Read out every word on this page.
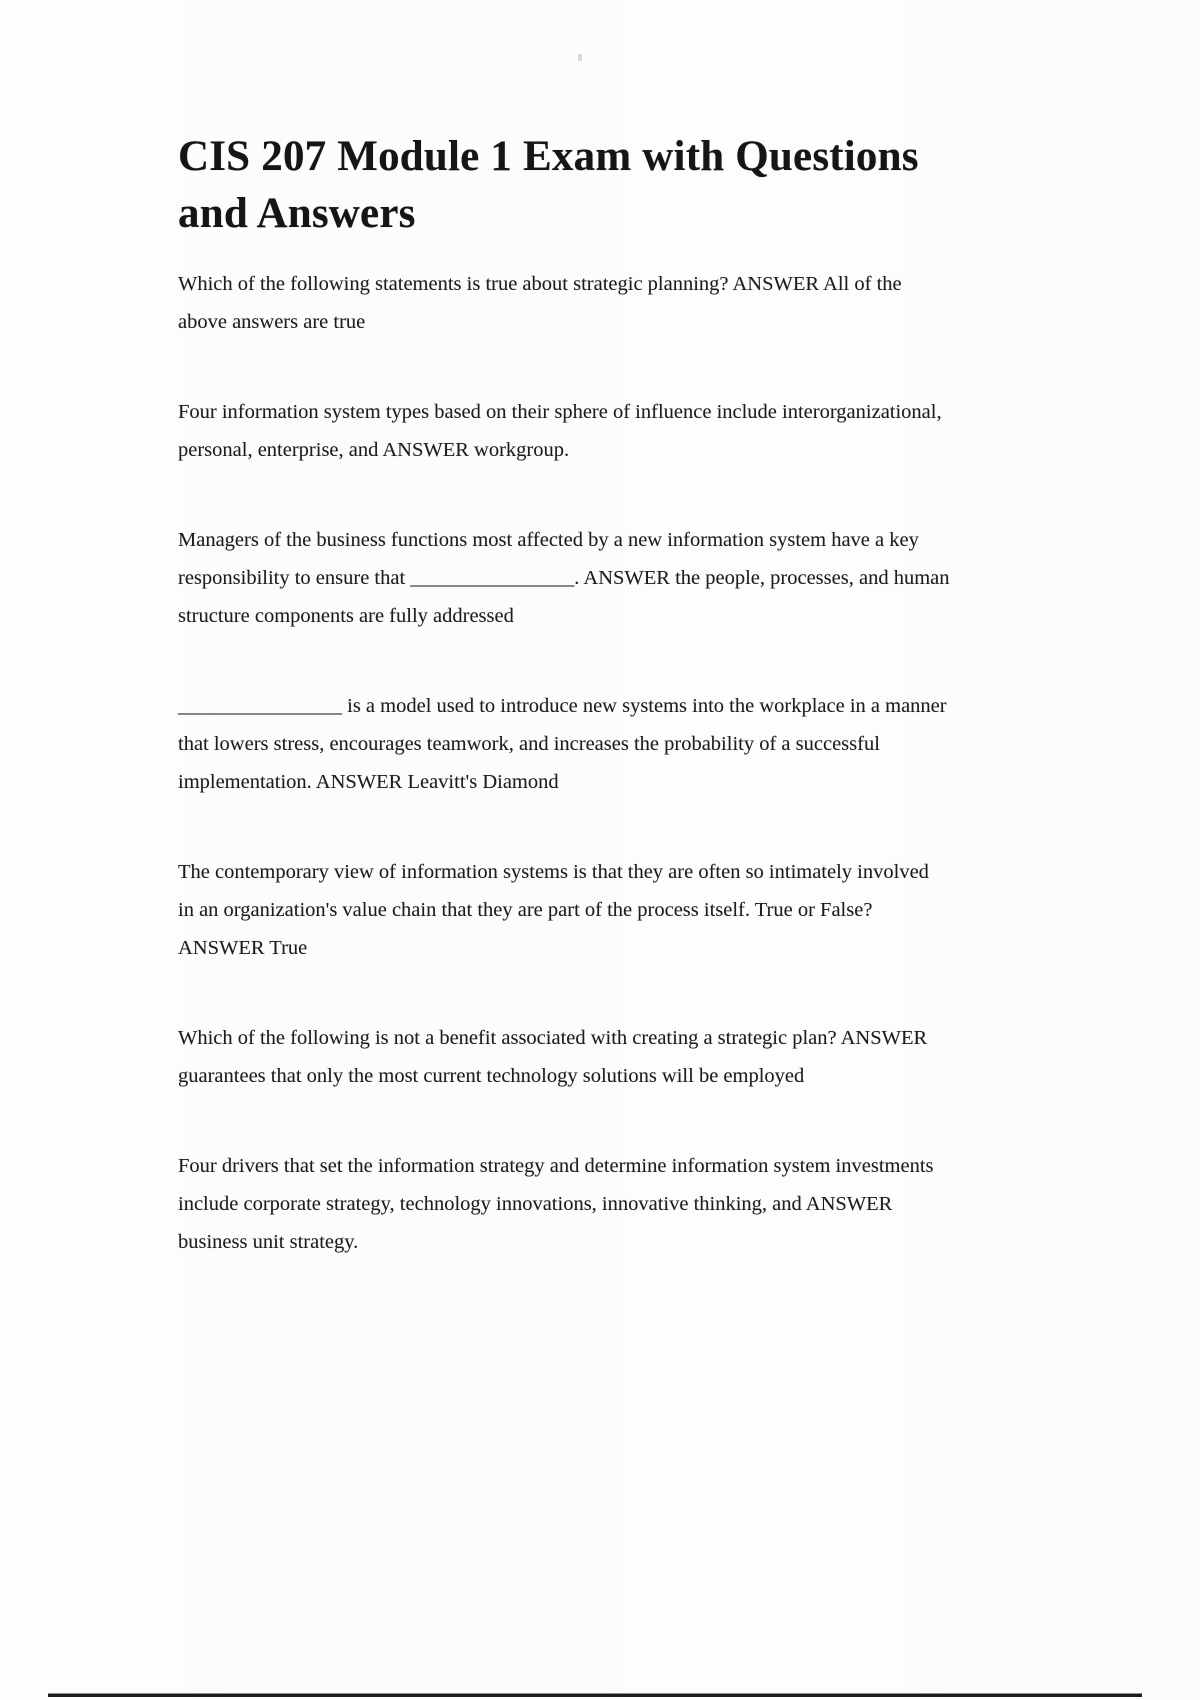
CIS 207 Module 1 Exam with Questions
and Answers
Which of the following statements is true about strategic planning? ANSWER All of the
above answers are true
Four information system types based on their sphere of influence include interorganizational,
personal, enterprise, and ANSWER workgroup.
Managers of the business functions most affected by a new information system have a key
responsibility to ensure that ________________. ANSWER the people, processes, and human
structure components are fully addressed
________________ is a model used to introduce new systems into the workplace in a manner
that lowers stress, encourages teamwork, and increases the probability of a successful
implementation. ANSWER Leavitt's Diamond
The contemporary view of information systems is that they are often so intimately involved
in an organization's value chain that they are part of the process itself. True or False?
ANSWER True
Which of the following is not a benefit associated with creating a strategic plan? ANSWER
guarantees that only the most current technology solutions will be employed
Four drivers that set the information strategy and determine information system investments
include corporate strategy, technology innovations, innovative thinking, and ANSWER
business unit strategy.
